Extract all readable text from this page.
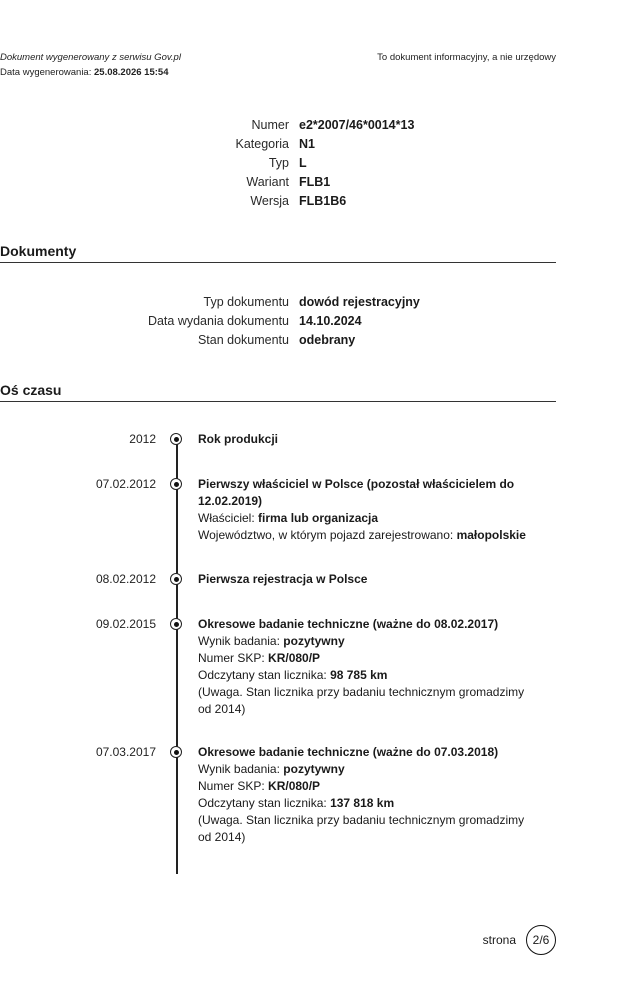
Dokument wygenerowany z serwisu Gov.pl
Data wygenerowania: 25.08.2026 15:54
To dokument informacyjny, a nie urzędowy
Numer e2*2007/46*0014*13
Kategoria N1
Typ L
Wariant FLB1
Wersja FLB1B6
Dokumenty
Typ dokumentu dowód rejestracyjny
Data wydania dokumentu 14.10.2024
Stan dokumentu odebrany
Oś czasu
2012	Rok produkcji
07.02.2012	Pierwszy właściciel w Polsce (pozostał właścicielem do 12.02.2019)
Właściciel: firma lub organizacja
Województwo, w którym pojazd zarejestrowano: małopolskie
08.02.2012	Pierwsza rejestracja w Polsce
09.02.2015	Okresowe badanie techniczne (ważne do 08.02.2017)
Wynik badania: pozytywny
Numer SKP: KR/080/P
Odczytany stan licznika: 98 785 km
(Uwaga. Stan licznika przy badaniu technicznym gromadzimy od 2014)
07.03.2017	Okresowe badanie techniczne (ważne do 07.03.2018)
Wynik badania: pozytywny
Numer SKP: KR/080/P
Odczytany stan licznika: 137 818 km
(Uwaga. Stan licznika przy badaniu technicznym gromadzimy od 2014)
strona	2/6
